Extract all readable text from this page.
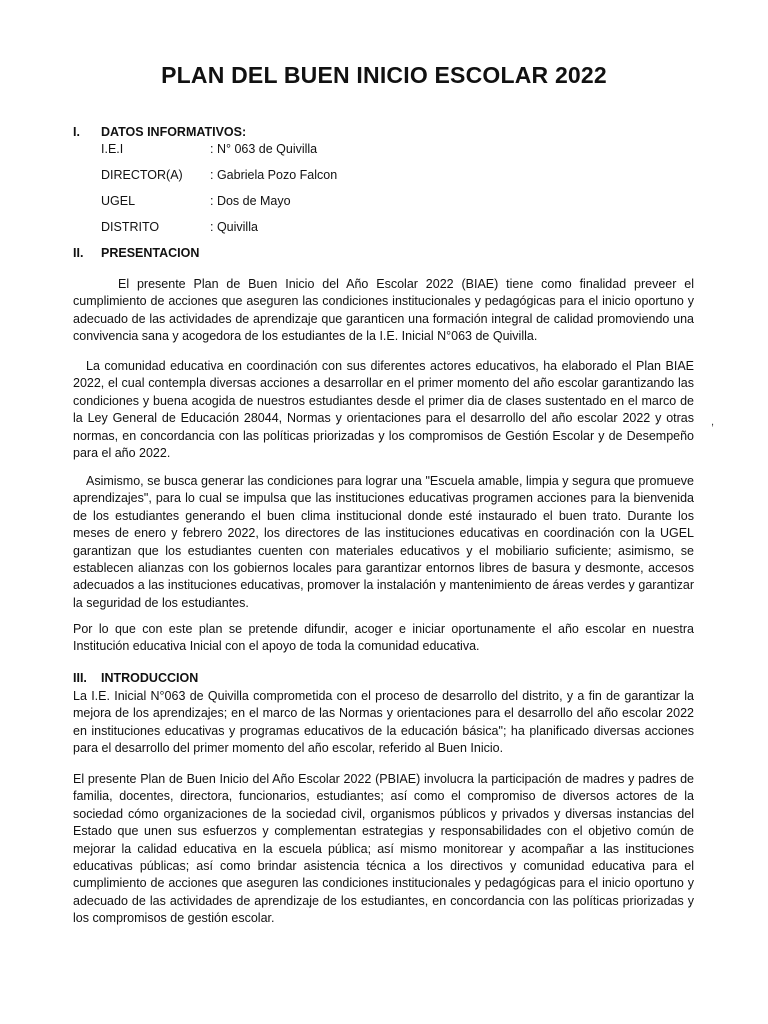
PLAN DEL BUEN INICIO ESCOLAR 2022
I. DATOS INFORMATIVOS:
I.E.I	: N° 063 de Quivilla
DIRECTOR(A) : Gabriela Pozo Falcon
UGEL	: Dos de Mayo
DISTRITO	: Quivilla
II. PRESENTACION

El presente Plan de Buen Inicio del Año Escolar 2022 (BIAE) tiene como finalidad preveer el cumplimiento de acciones que aseguren las condiciones institucionales y pedagógicas para el inicio oportuno y adecuado de las actividades de aprendizaje que garanticen una formación integral de calidad promoviendo una convivencia sana y acogedora de los estudiantes de la I.E. Inicial N°063 de Quivilla.

La comunidad educativa en coordinación con sus diferentes actores educativos, ha elaborado el Plan BIAE 2022, el cual contempla diversas acciones a desarrollar en el primer momento del año escolar garantizando las condiciones y buena acogida de nuestros estudiantes desde el primer dia de clases sustentado en el marco de la Ley General de Educación 28044, Normas y orientaciones para el desarrollo del año escolar 2022 y otras normas, en concordancia con las políticas priorizadas y los compromisos de Gestión Escolar y de Desempeño para el año 2022.

Asimismo, se busca generar las condiciones para lograr una "Escuela amable, limpia y segura que promueve aprendizajes", para lo cual se impulsa que las instituciones educativas programen acciones para la bienvenida de los estudiantes generando el buen clima institucional donde esté instaurado el buen trato. Durante los meses de enero y febrero 2022, los directores de las instituciones educativas en coordinación con la UGEL garantizan que los estudiantes cuenten con materiales educativos y el mobiliario suficiente; asimismo, se establecen alianzas con los gobiernos locales para garantizar entornos libres de basura y desmonte, accesos adecuados a las instituciones educativas, promover la instalación y mantenimiento de áreas verdes y garantizar la seguridad de los estudiantes.

Por lo que con este plan se pretende difundir, acoger e iniciar oportunamente el año escolar en nuestra Institución educativa Inicial con el apoyo de toda la comunidad educativa.

III. INTRODUCCION

La I.E. Inicial N°063 de Quivilla comprometida con el proceso de desarrollo del distrito, y a fin de garantizar la mejora de los aprendizajes; en el marco de las Normas y orientaciones para el desarrollo del año escolar 2022 en instituciones educativas y programas educativos de la educación básica"; ha planificado diversas acciones para el desarrollo del primer momento del año escolar, referido al Buen Inicio.

El presente Plan de Buen Inicio del Año Escolar 2022 (PBIAE) involucra la participación de madres y padres de familia, docentes, directora, funcionarios, estudiantes; así como el compromiso de diversos actores de la sociedad cómo organizaciones de la sociedad civil, organismos públicos y privados y diversas instancias del Estado que unen sus esfuerzos y complementan estrategias y responsabilidades con el objetivo común de mejorar la calidad educativa en la escuela pública; así mismo monitorear y acompañar a las instituciones educativas públicas; así como brindar asistencia técnica a los directivos y comunidad educativa para el cumplimiento de acciones que aseguren las condiciones institucionales y pedagógicas para el inicio oportuno y adecuado de las actividades de aprendizaje de los estudiantes, en concordancia con las políticas priorizadas y los compromisos de gestión escolar.

,
